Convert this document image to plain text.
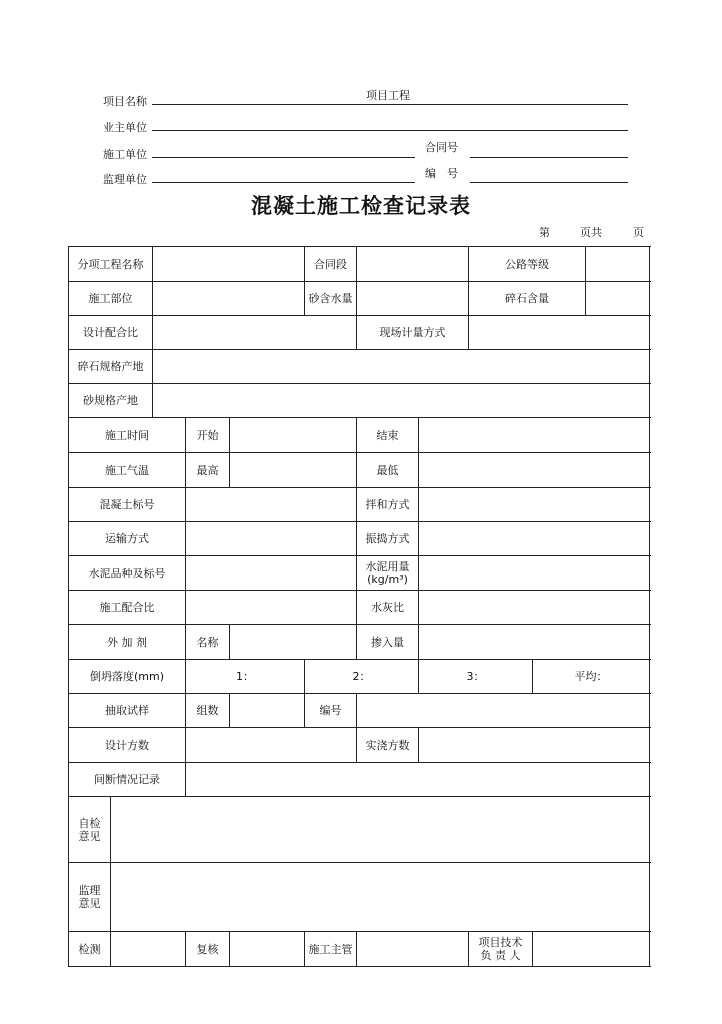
项目名称	项目工程
业主单位
施工单位
合同号
监理单位	编　号
混凝土施工检查记录表
第	页共	页
分项工程名称					合同段			公路等级		
施工部位					砂含水量			碎石含量		
设计配合比						现场计量方式				
碎石规格产地										
砂规格产地										
施工时间			开始			结束				
施工气温			最高			最低				
混凝土标号						拌和方式				
运输方式						振捣方式				
水泥品种及标号						水泥用量
(kg/m³)				

施工配合比						水灰比				
外 加 剂			名称			掺入量				
倒坍落度(mm)			1：		2：		3：		平均：	
抽取试样			组数		编号					
设计方数						实浇方数				
间断情况记录										

自检
意见										

监理
意见										

检测			复核		施工主管			项目技术
负 责 人		
